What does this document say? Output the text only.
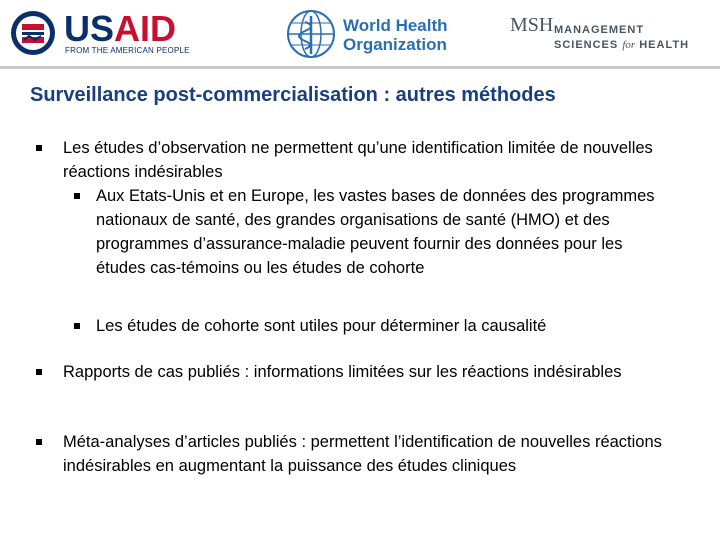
USAID
FROM THE AMERICAN PEOPLE
World Health
Organization
MSH MANAGEMENT
SCIENCES for HEALTH
Surveillance post-commercialisation : autres méthodes
Les études d’observation ne permettent qu’une identification limitée de nouvelles réactions indésirables
Aux Etats-Unis et en Europe, les vastes bases de données des programmes nationaux de santé, des grandes organisations de santé (HMO) et des programmes d’assurance-maladie peuvent fournir des données pour les études cas-témoins ou les études de cohorte
Les études de cohorte sont utiles pour déterminer la causalité
Rapports de cas publiés : informations limitées sur les réactions indésirables
Méta-analyses d’articles publiés : permettent l’identification de nouvelles réactions indésirables en augmentant la puissance des études cliniques
